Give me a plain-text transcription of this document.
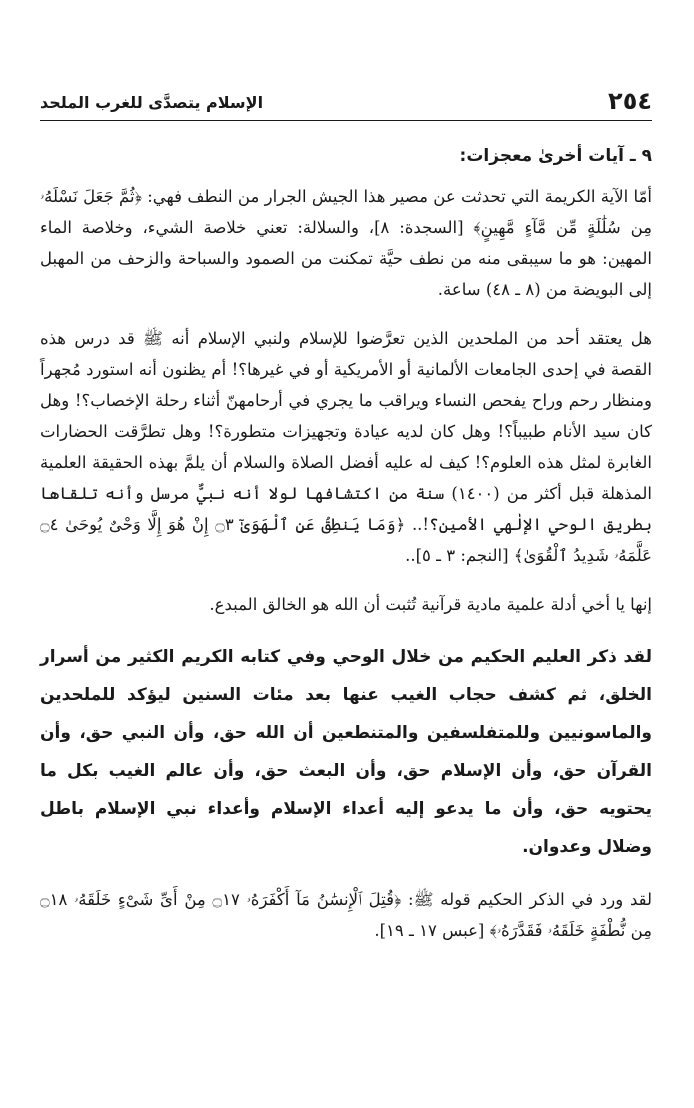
٢٥٤
الإسلام يتصدَّى للغرب الملحد
٩ ـ آيات أخرىٰ معجزات:

أمّا الآية الكريمة التي تحدثت عن مصير هذا الجيش الجرار من النطف فهي: ﴿ثُمَّ جَعَلَ نَسْلَهُۥ مِن سُلَٰلَةٍ مِّن مَّآءٍ مَّهِينٍ﴾ [السجدة: ٨]، والسلالة: تعني خلاصة الشيء، وخلاصة الماء المهين: هو ما سيبقى منه من نطف حيَّة تمكنت من الصمود والسباحة والزحف من المهبل إلى البويضة من (٨ ـ ٤٨) ساعة.

هل يعتقد أحد من الملحدين الذين تعرَّضوا للإسلام ولنبي الإسلام أنه ﷺ قد درس هذه القصة في إحدى الجامعات الألمانية أو الأمريكية أو في غيرها؟! أم يظنون أنه استورد مُجهراً ومنظار رحم وراح يفحص النساء ويراقب ما يجري في أرحامهنّ أثناء رحلة الإخصاب؟! وهل كان سيد الأنام طبيباً؟! وهل كان لديه عيادة وتجهيزات متطورة؟! وهل تطرَّقت الحضارات الغابرة لمثل هذه العلوم؟! كيف له عليه أفضل الصلاة والسلام أن يلمَّ بهذه الحقيقة العلمية المذهلة قبل أكثر من (١٤٠٠) سنة من اكتشافها لولا أنه نبيٌّ مرسل وأنه تلقاها بطريق الوحي الإلٰهي الأمين؟!.. ﴿وَمَا يَنطِقُ عَنِ ٱلْهَوَىٰٓ ۝٣ إِنْ هُوَ إِلَّا وَحْىٌ يُوحَىٰ ۝٤ عَلَّمَهُۥ شَدِيدُ ٱلْقُوَىٰ﴾ [النجم: ٣ ـ ٥]..

إنها يا أخي أدلة علمية مادية قرآنية تُثبت أن الله هو الخالق المبدع.

لقد ذكر العليم الحكيم من خلال الوحي وفي كتابه الكريم الكثير من أسرار الخلق، ثم كشف حجاب الغيب عنها بعد مئات السنين ليؤكد للملحدين والماسونيين وللمتفلسفين والمتنطعين أن الله حق، وأن النبي حق، وأن القرآن حق، وأن الإسلام حق، وأن البعث حق، وأن عالم الغيب بكل ما يحتويه حق، وأن ما يدعو إليه أعداء الإسلام وأعداء نبي الإسلام باطل وضلال وعدوان.

لقد ورد في الذكر الحكيم قوله ﷺ: ﴿قُتِلَ ٱلْإِنسَٰنُ مَآ أَكْفَرَهُۥ ۝١٧ مِنْ أَىِّ شَىْءٍ خَلَقَهُۥ ۝١٨ مِن نُّطْفَةٍ خَلَقَهُۥ فَقَدَّرَهُۥ﴾ [عبس ١٧ ـ ١٩].
